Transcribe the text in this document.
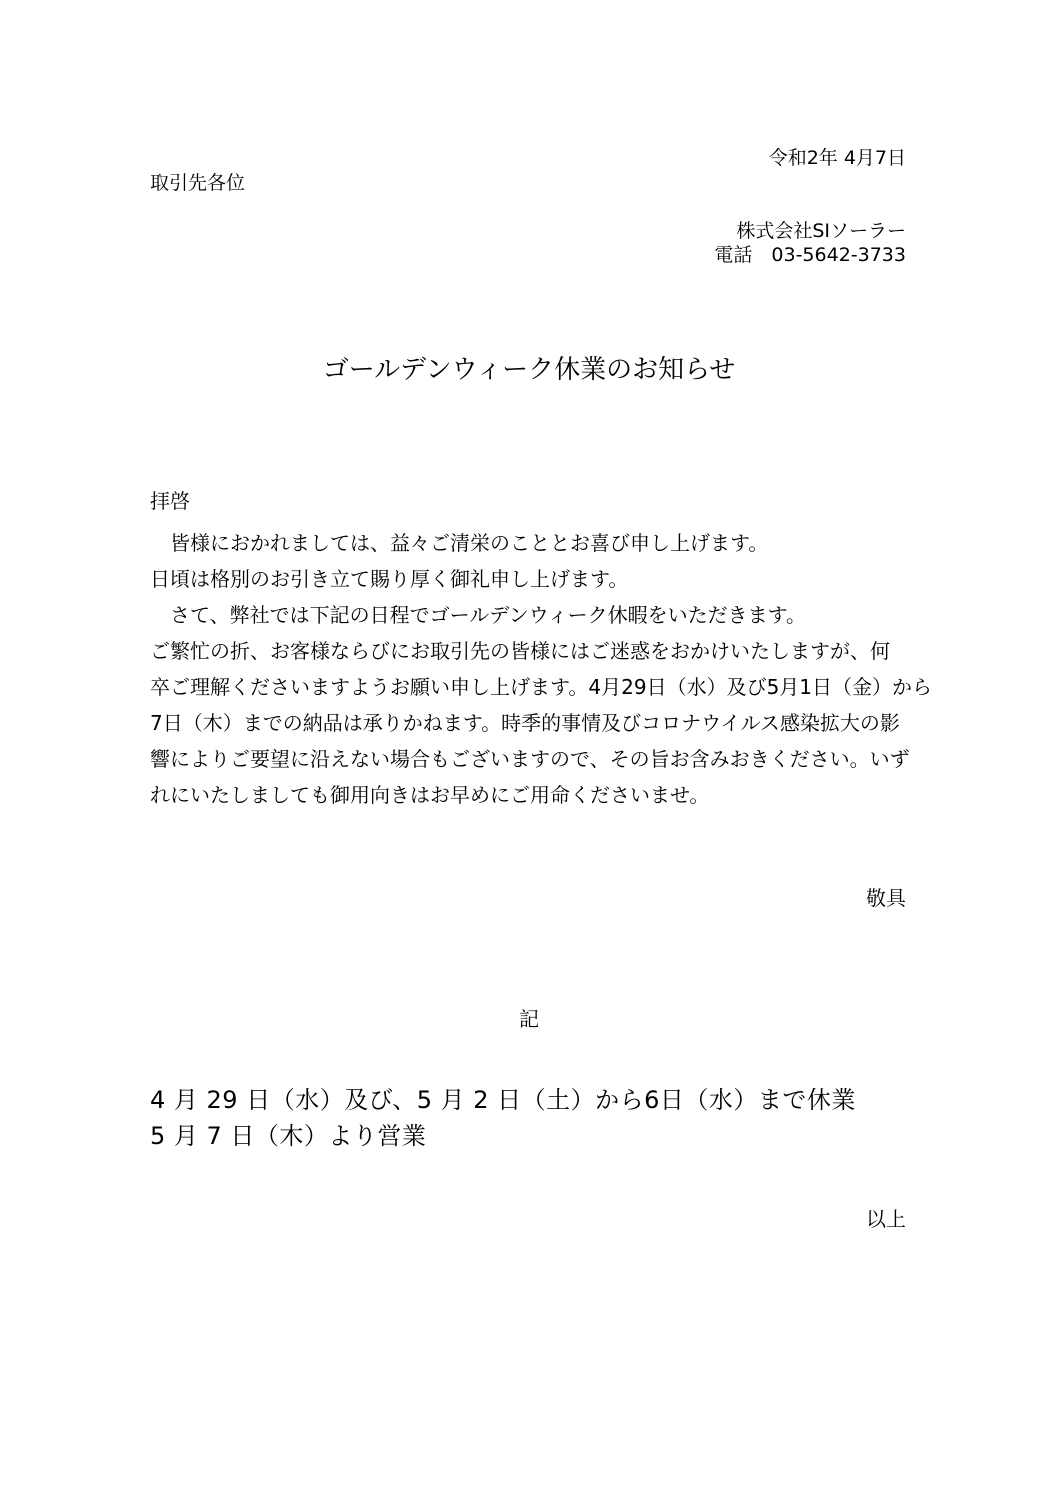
令和2年 4月7日
取引先各位
株式会社SIソーラー
電話　03-5642-3733
ゴールデンウィーク休業のお知らせ
拝啓
皆様におかれましては、益々ご清栄のこととお喜び申し上げます。
日頃は格別のお引き立て賜り厚く御礼申し上げます。
さて、弊社では下記の日程でゴールデンウィーク休暇をいただきます。
ご繁忙の折、お客様ならびにお取引先の皆様にはご迷惑をおかけいたしますが、何
卒ご理解くださいますようお願い申し上げます。4月29日（水）及び5月1日（金）から
7日（木）までの納品は承りかねます。時季的事情及びコロナウイルス感染拡大の影
響によりご要望に沿えない場合もございますので、その旨お含みおきください。いず
れにいたしましても御用向きはお早めにご用命くださいませ。
敬具
記
4 月 29 日（水）及び、5 月 2 日（土）から6日（水）まで休業
5 月 7 日（木）より営業
以上
